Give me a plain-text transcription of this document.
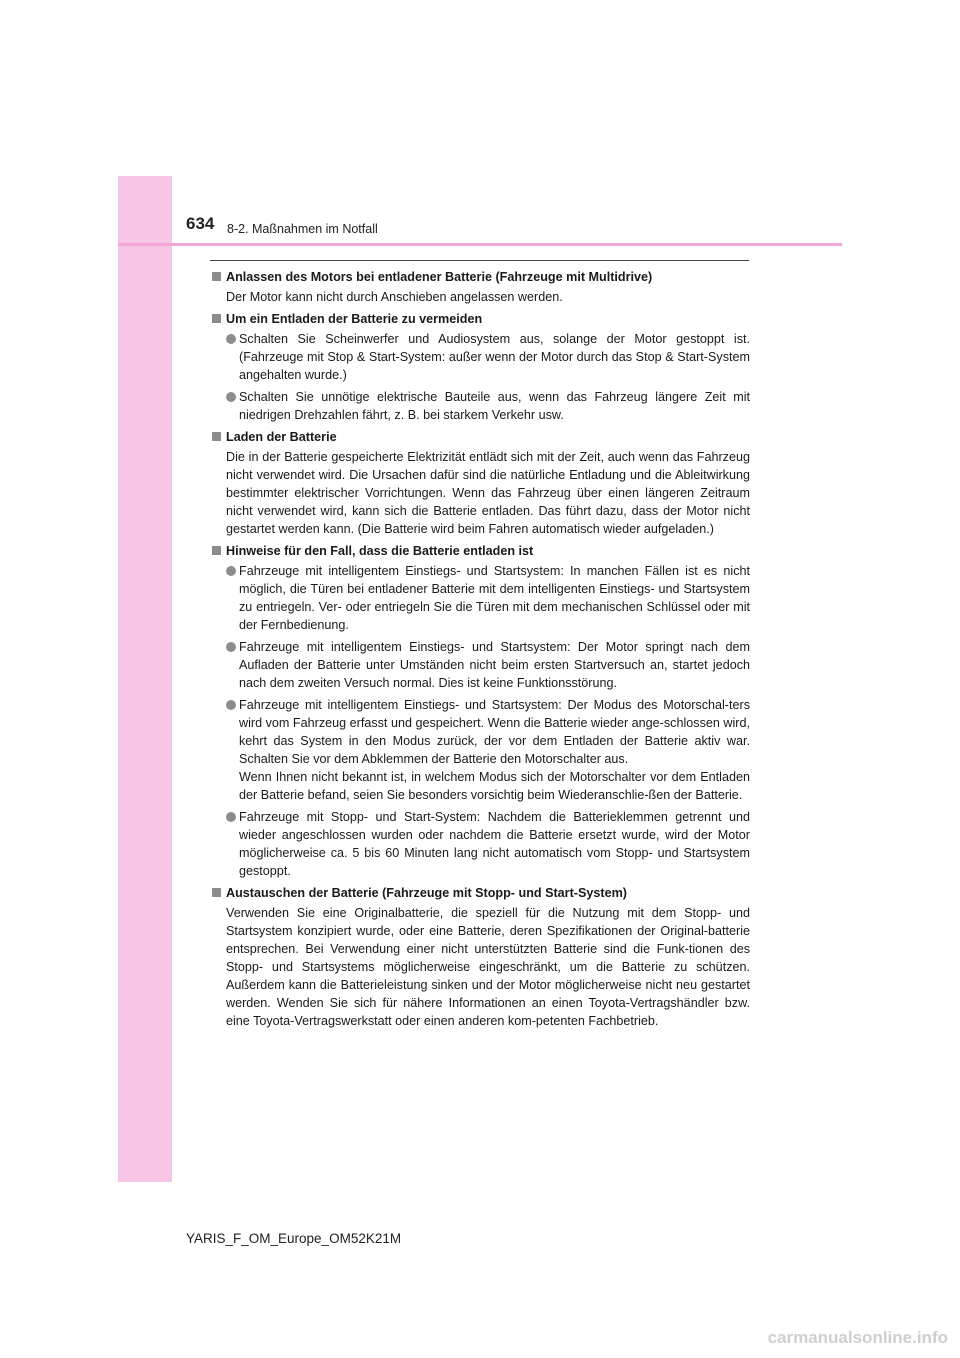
634 8-2. Maßnahmen im Notfall
Anlassen des Motors bei entladener Batterie (Fahrzeuge mit Multidrive)
Der Motor kann nicht durch Anschieben angelassen werden.
Um ein Entladen der Batterie zu vermeiden
Schalten Sie Scheinwerfer und Audiosystem aus, solange der Motor gestoppt ist. (Fahrzeuge mit Stop & Start-System: außer wenn der Motor durch das Stop & Start-System angehalten wurde.)
Schalten Sie unnötige elektrische Bauteile aus, wenn das Fahrzeug längere Zeit mit niedrigen Drehzahlen fährt, z. B. bei starkem Verkehr usw.
Laden der Batterie
Die in der Batterie gespeicherte Elektrizität entlädt sich mit der Zeit, auch wenn das Fahrzeug nicht verwendet wird. Die Ursachen dafür sind die natürliche Entladung und die Ableitwirkung bestimmter elektrischer Vorrichtungen. Wenn das Fahrzeug über einen längeren Zeitraum nicht verwendet wird, kann sich die Batterie entladen. Das führt dazu, dass der Motor nicht gestartet werden kann. (Die Batterie wird beim Fahren automatisch wieder aufgeladen.)
Hinweise für den Fall, dass die Batterie entladen ist
Fahrzeuge mit intelligentem Einstiegs- und Startsystem: In manchen Fällen ist es nicht möglich, die Türen bei entladener Batterie mit dem intelligenten Einstiegs- und Startsystem zu entriegeln. Ver- oder entriegeln Sie die Türen mit dem mechanischen Schlüssel oder mit der Fernbedienung.
Fahrzeuge mit intelligentem Einstiegs- und Startsystem: Der Motor springt nach dem Aufladen der Batterie unter Umständen nicht beim ersten Startversuch an, startet jedoch nach dem zweiten Versuch normal. Dies ist keine Funktionsstörung.
Fahrzeuge mit intelligentem Einstiegs- und Startsystem: Der Modus des Motorschal-ters wird vom Fahrzeug erfasst und gespeichert. Wenn die Batterie wieder ange-schlossen wird, kehrt das System in den Modus zurück, der vor dem Entladen der Batterie aktiv war. Schalten Sie vor dem Abklemmen der Batterie den Motorschalter aus.
Wenn Ihnen nicht bekannt ist, in welchem Modus sich der Motorschalter vor dem Entladen der Batterie befand, seien Sie besonders vorsichtig beim Wiederanschlie-ßen der Batterie.
Fahrzeuge mit Stopp- und Start-System: Nachdem die Batterieklemmen getrennt und wieder angeschlossen wurden oder nachdem die Batterie ersetzt wurde, wird der Motor möglicherweise ca. 5 bis 60 Minuten lang nicht automatisch vom Stopp- und Startsystem gestoppt.
Austauschen der Batterie (Fahrzeuge mit Stopp- und Start-System)
Verwenden Sie eine Originalbatterie, die speziell für die Nutzung mit dem Stopp- und Startsystem konzipiert wurde, oder eine Batterie, deren Spezifikationen der Original-batterie entsprechen. Bei Verwendung einer nicht unterstützten Batterie sind die Funk-tionen des Stopp- und Startsystems möglicherweise eingeschränkt, um die Batterie zu schützen. Außerdem kann die Batterieleistung sinken und der Motor möglicherweise nicht neu gestartet werden. Wenden Sie sich für nähere Informationen an einen Toyota-Vertragshändler bzw. eine Toyota-Vertragswerkstatt oder einen anderen kom-petenten Fachbetrieb.
YARIS_F_OM_Europe_OM52K21M
carmanualsonline.info
